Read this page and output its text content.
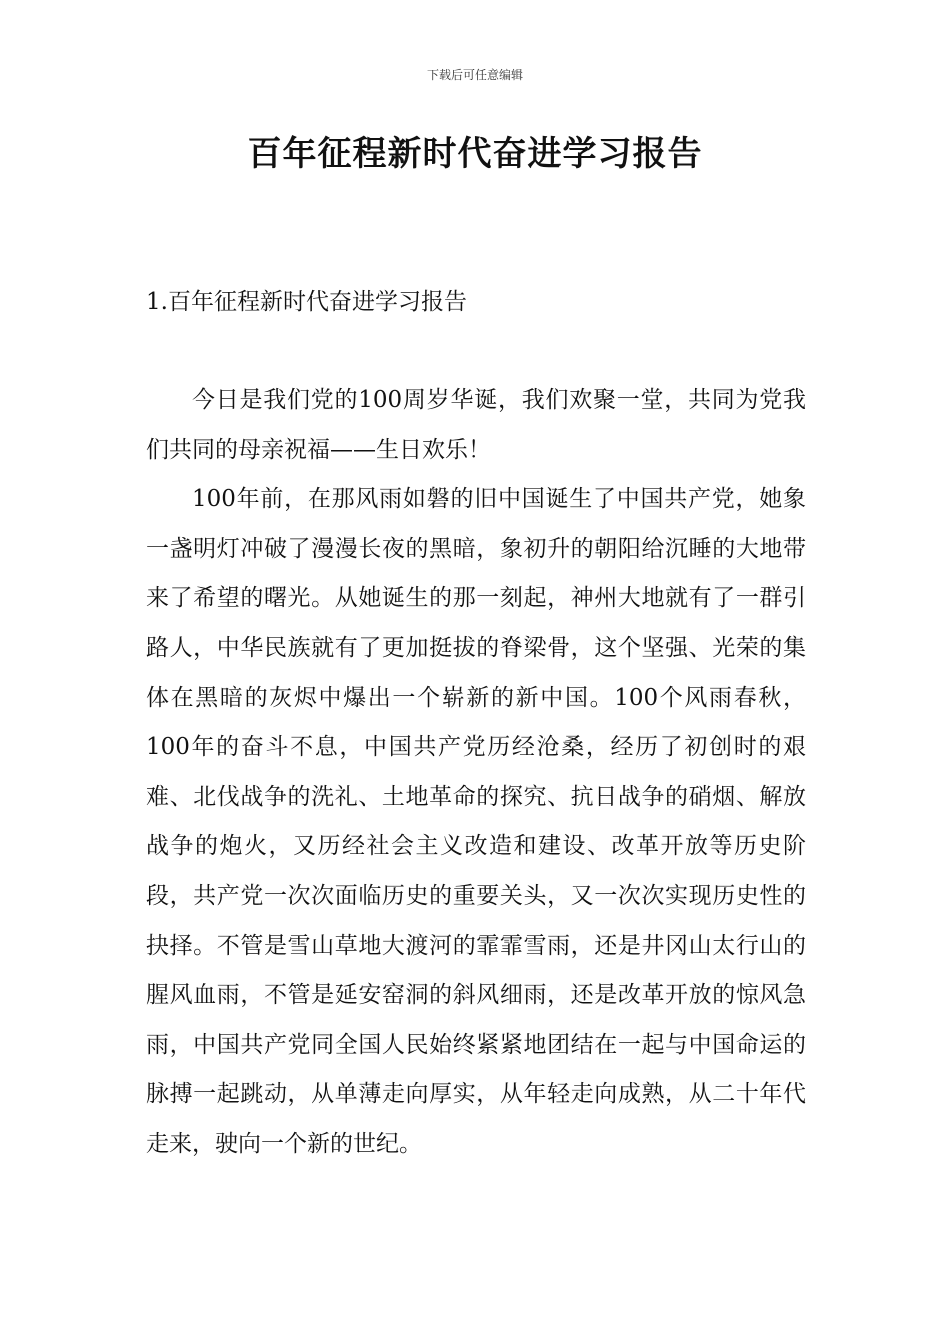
下载后可任意编辑
百年征程新时代奋进学习报告
1.百年征程新时代奋进学习报告

今日是我们党的100周岁华诞，我们欢聚一堂，共同为党我们共同的母亲祝福——生日欢乐！

100年前，在那风雨如磐的旧中国诞生了中国共产党，她象一盏明灯冲破了漫漫长夜的黑暗，象初升的朝阳给沉睡的大地带来了希望的曙光。从她诞生的那一刻起，神州大地就有了一群引路人，中华民族就有了更加挺拔的脊梁骨，这个坚强、光荣的集体在黑暗的灰烬中爆出一个崭新的新中国。100个风雨春秋，100年的奋斗不息，中国共产党历经沧桑，经历了初创时的艰难、北伐战争的洗礼、土地革命的探究、抗日战争的硝烟、解放战争的炮火，又历经社会主义改造和建设、改革开放等历史阶段，共产党一次次面临历史的重要关头，又一次次实现历史性的抉择。不管是雪山草地大渡河的霏霏雪雨，还是井冈山太行山的腥风血雨，不管是延安窑洞的斜风细雨，还是改革开放的惊风急雨，中国共产党同全国人民始终紧紧地团结在一起与中国命运的脉搏一起跳动，从单薄走向厚实，从年轻走向成熟，从二十年代走来，驶向一个新的世纪。
